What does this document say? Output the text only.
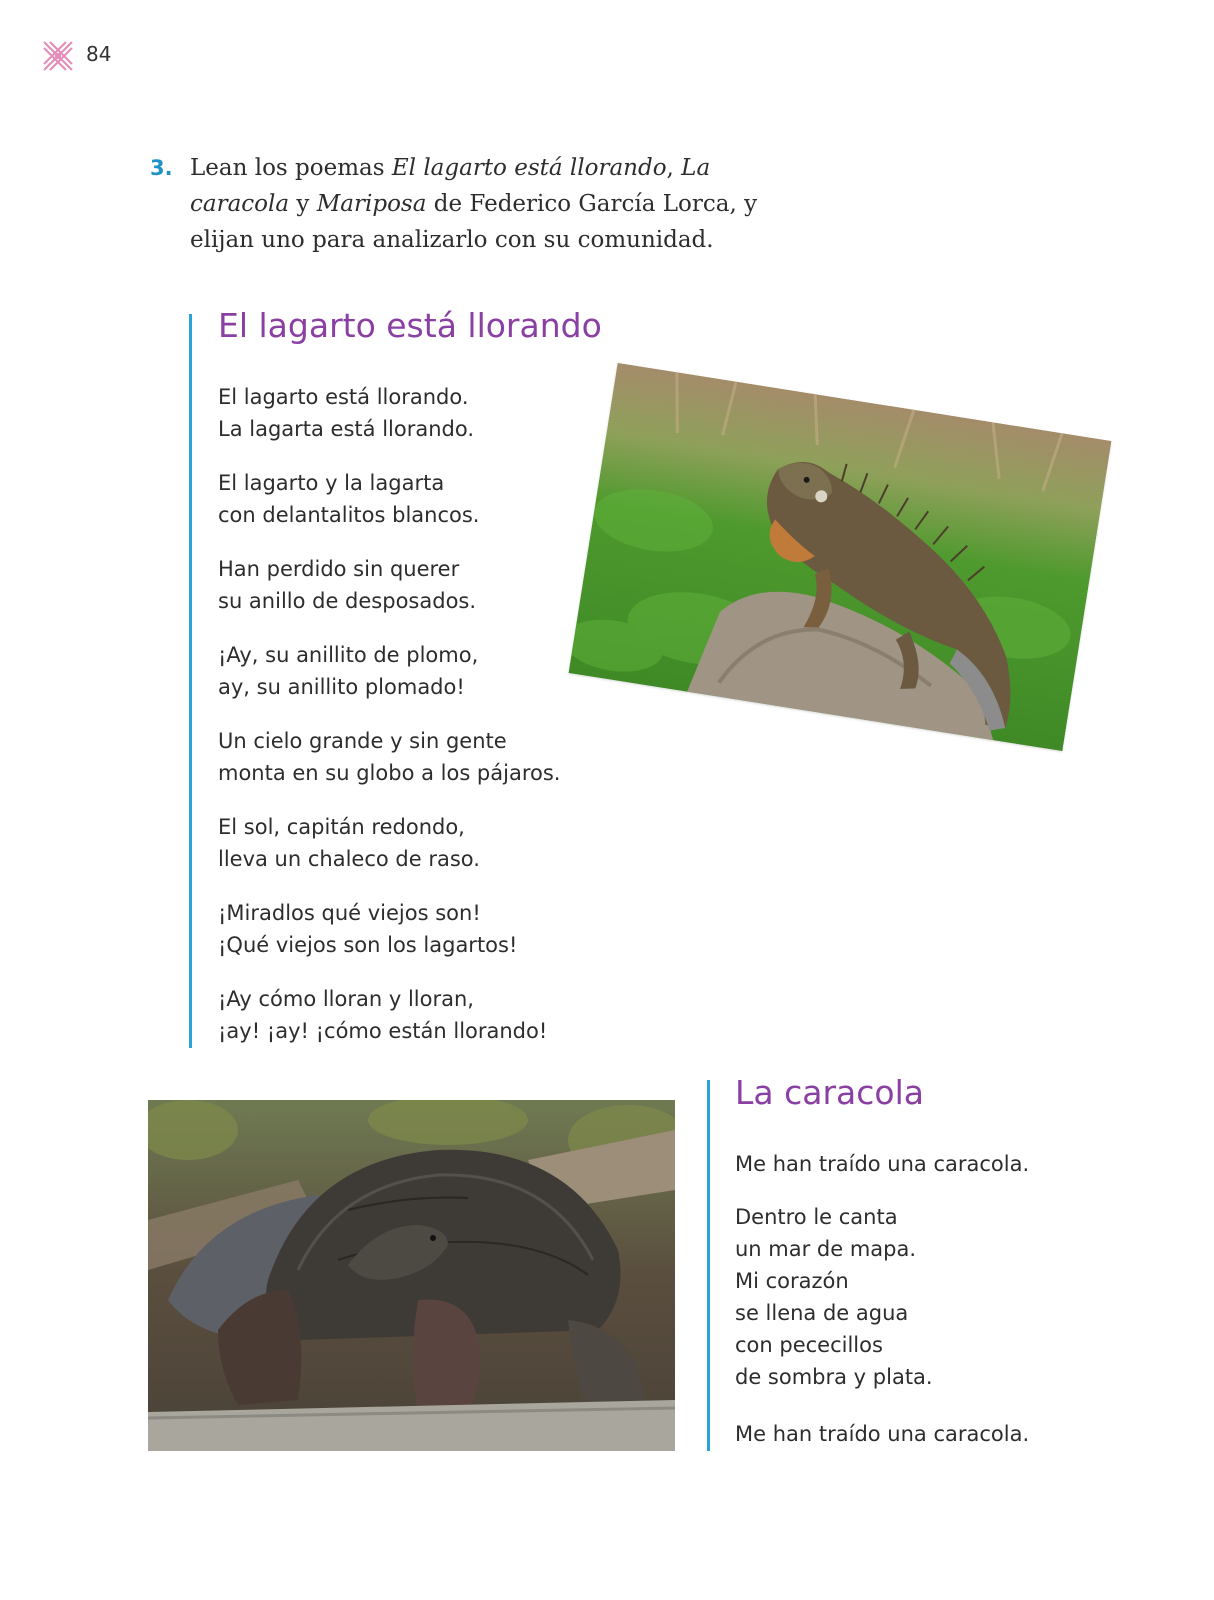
84
3. Lean los poemas El lagarto está llorando, La caracola y Mariposa de Federico García Lorca, y elijan uno para analizarlo con su comunidad.
El lagarto está llorando
El lagarto está llorando.
La lagarta está llorando.
El lagarto y la lagarta
con delantalitos blancos.
Han perdido sin querer
su anillo de desposados.
¡Ay, su anillito de plomo,
ay, su anillito plomado!
Un cielo grande y sin gente
monta en su globo a los pájaros.
El sol, capitán redondo,
lleva un chaleco de raso.
¡Miradlos qué viejos son!
¡Qué viejos son los lagartos!
¡Ay cómo lloran y lloran,
¡ay! ¡ay! ¡cómo están llorando!
La caracola
Me han traído una caracola.
Dentro le canta
un mar de mapa.
Mi corazón
se llena de agua
con pececillos
de sombra y plata.
Me han traído una caracola.
